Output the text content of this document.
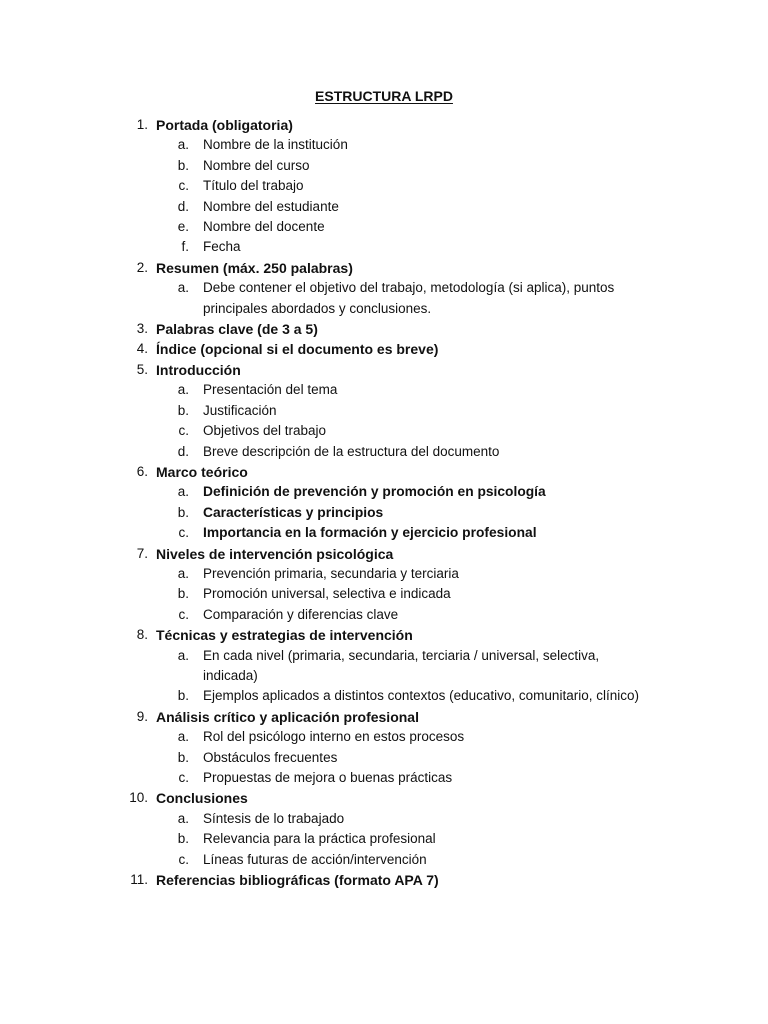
ESTRUCTURA LRPD
1. Portada (obligatoria)
a. Nombre de la institución
b. Nombre del curso
c. Título del trabajo
d. Nombre del estudiante
e. Nombre del docente
f. Fecha
2. Resumen (máx. 250 palabras)
a. Debe contener el objetivo del trabajo, metodología (si aplica), puntos principales abordados y conclusiones.
3. Palabras clave (de 3 a 5)
4. Índice (opcional si el documento es breve)
5. Introducción
a. Presentación del tema
b. Justificación
c. Objetivos del trabajo
d. Breve descripción de la estructura del documento
6. Marco teórico
a. Definición de prevención y promoción en psicología
b. Características y principios
c. Importancia en la formación y ejercicio profesional
7. Niveles de intervención psicológica
a. Prevención primaria, secundaria y terciaria
b. Promoción universal, selectiva e indicada
c. Comparación y diferencias clave
8. Técnicas y estrategias de intervención
a. En cada nivel (primaria, secundaria, terciaria / universal, selectiva, indicada)
b. Ejemplos aplicados a distintos contextos (educativo, comunitario, clínico)
9. Análisis crítico y aplicación profesional
a. Rol del psicólogo interno en estos procesos
b. Obstáculos frecuentes
c. Propuestas de mejora o buenas prácticas
10. Conclusiones
a. Síntesis de lo trabajado
b. Relevancia para la práctica profesional
c. Líneas futuras de acción/intervención
11. Referencias bibliográficas (formato APA 7)
